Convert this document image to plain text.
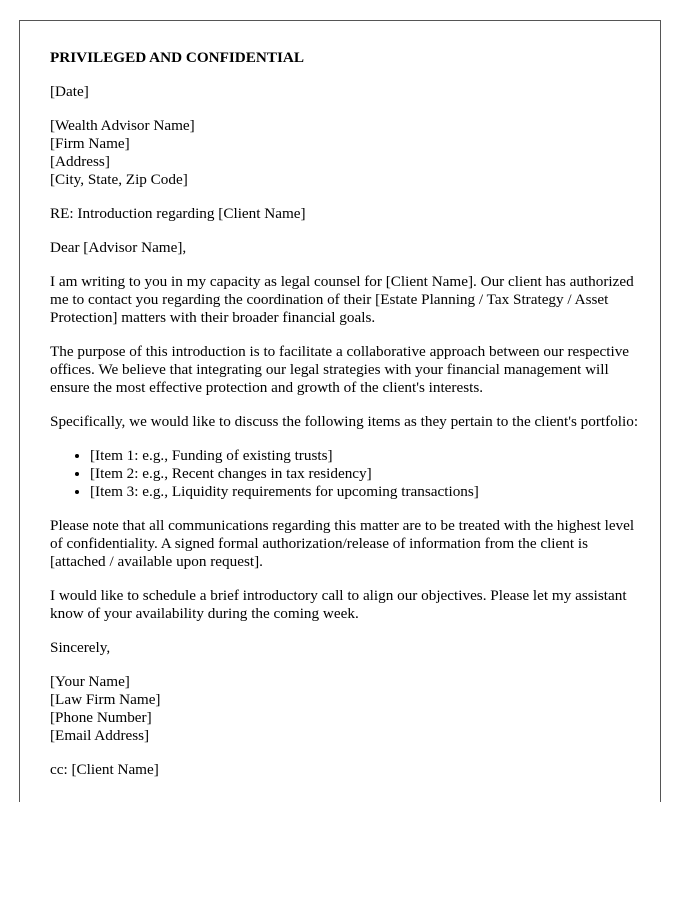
PRIVILEGED AND CONFIDENTIAL

[Date]

[Wealth Advisor Name]
[Firm Name]
[Address]
[City, State, Zip Code]

RE: Introduction regarding [Client Name]

Dear [Advisor Name],

I am writing to you in my capacity as legal counsel for [Client Name]. Our client has authorized me to contact you regarding the coordination of their [Estate Planning / Tax Strategy / Asset Protection] matters with their broader financial goals.

The purpose of this introduction is to facilitate a collaborative approach between our respective offices. We believe that integrating our legal strategies with your financial management will ensure the most effective protection and growth of the client's interests.

Specifically, we would like to discuss the following items as they pertain to the client's portfolio:

• [Item 1: e.g., Funding of existing trusts]
• [Item 2: e.g., Recent changes in tax residency]
• [Item 3: e.g., Liquidity requirements for upcoming transactions]

Please note that all communications regarding this matter are to be treated with the highest level of confidentiality. A signed formal authorization/release of information from the client is [attached / available upon request].

I would like to schedule a brief introductory call to align our objectives. Please let my assistant know of your availability during the coming week.

Sincerely,

[Your Name]
[Law Firm Name]
[Phone Number]
[Email Address]

cc: [Client Name]
